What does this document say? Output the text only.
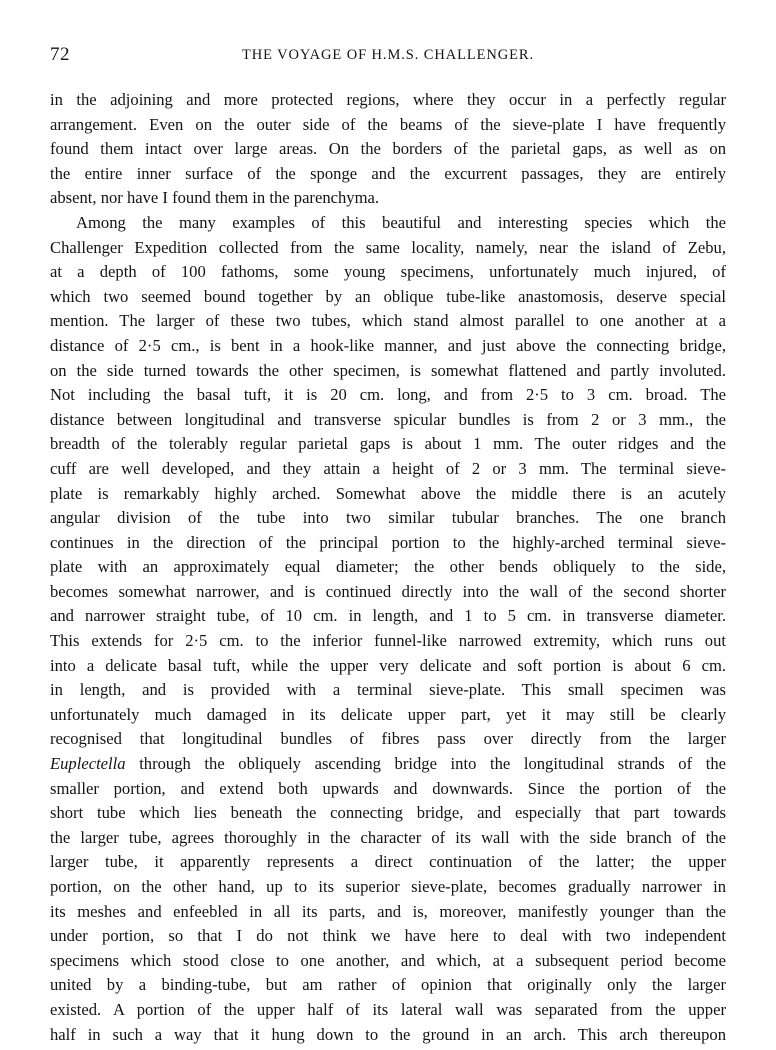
72	THE VOYAGE OF H.M.S. CHALLENGER.

in the adjoining and more protected regions, where they occur in a perfectly regular
arrangement. Even on the outer side of the beams of the sieve-plate I have frequently
found them intact over large areas. On the borders of the parietal gaps, as well as on
the entire inner surface of the sponge and the excurrent passages, they are entirely
absent, nor have I found them in the parenchyma.

Among the many examples of this beautiful and interesting species which the
Challenger Expedition collected from the same locality, namely, near the island of Zebu,
at a depth of 100 fathoms, some young specimens, unfortunately much injured, of
which two seemed bound together by an oblique tube-like anastomosis, deserve special
mention. The larger of these two tubes, which stand almost parallel to one another at a
distance of 2·5 cm., is bent in a hook-like manner, and just above the connecting bridge,
on the side turned towards the other specimen, is somewhat flattened and partly involuted.
Not including the basal tuft, it is 20 cm. long, and from 2·5 to 3 cm. broad. The
distance between longitudinal and transverse spicular bundles is from 2 or 3 mm., the
breadth of the tolerably regular parietal gaps is about 1 mm. The outer ridges and the
cuff are well developed, and they attain a height of 2 or 3 mm. The terminal sieve-
plate is remarkably highly arched. Somewhat above the middle there is an acutely
angular division of the tube into two similar tubular branches. The one branch
continues in the direction of the principal portion to the highly-arched terminal sieve-
plate with an approximately equal diameter; the other bends obliquely to the side,
becomes somewhat narrower, and is continued directly into the wall of the second shorter
and narrower straight tube, of 10 cm. in length, and 1 to 5 cm. in transverse diameter.
This extends for 2·5 cm. to the inferior funnel-like narrowed extremity, which runs out
into a delicate basal tuft, while the upper very delicate and soft portion is about 6 cm.
in length, and is provided with a terminal sieve-plate. This small specimen was
unfortunately much damaged in its delicate upper part, yet it may still be clearly
recognised that longitudinal bundles of fibres pass over directly from the larger
Euplectella through the obliquely ascending bridge into the longitudinal strands of the
smaller portion, and extend both upwards and downwards. Since the portion of the
short tube which lies beneath the connecting bridge, and especially that part towards
the larger tube, agrees thoroughly in the character of its wall with the side branch of the
larger tube, it apparently represents a direct continuation of the latter; the upper
portion, on the other hand, up to its superior sieve-plate, becomes gradually narrower in
its meshes and enfeebled in all its parts, and is, moreover, manifestly younger than the
under portion, so that I do not think we have here to deal with two independent
specimens which stood close to one another, and which, at a subsequent period become
united by a binding-tube, but am rather of opinion that originally only the larger
existed. A portion of the upper half of its lateral wall was separated from the upper
half in such a way that it hung down to the ground in an arch. This arch thereupon
